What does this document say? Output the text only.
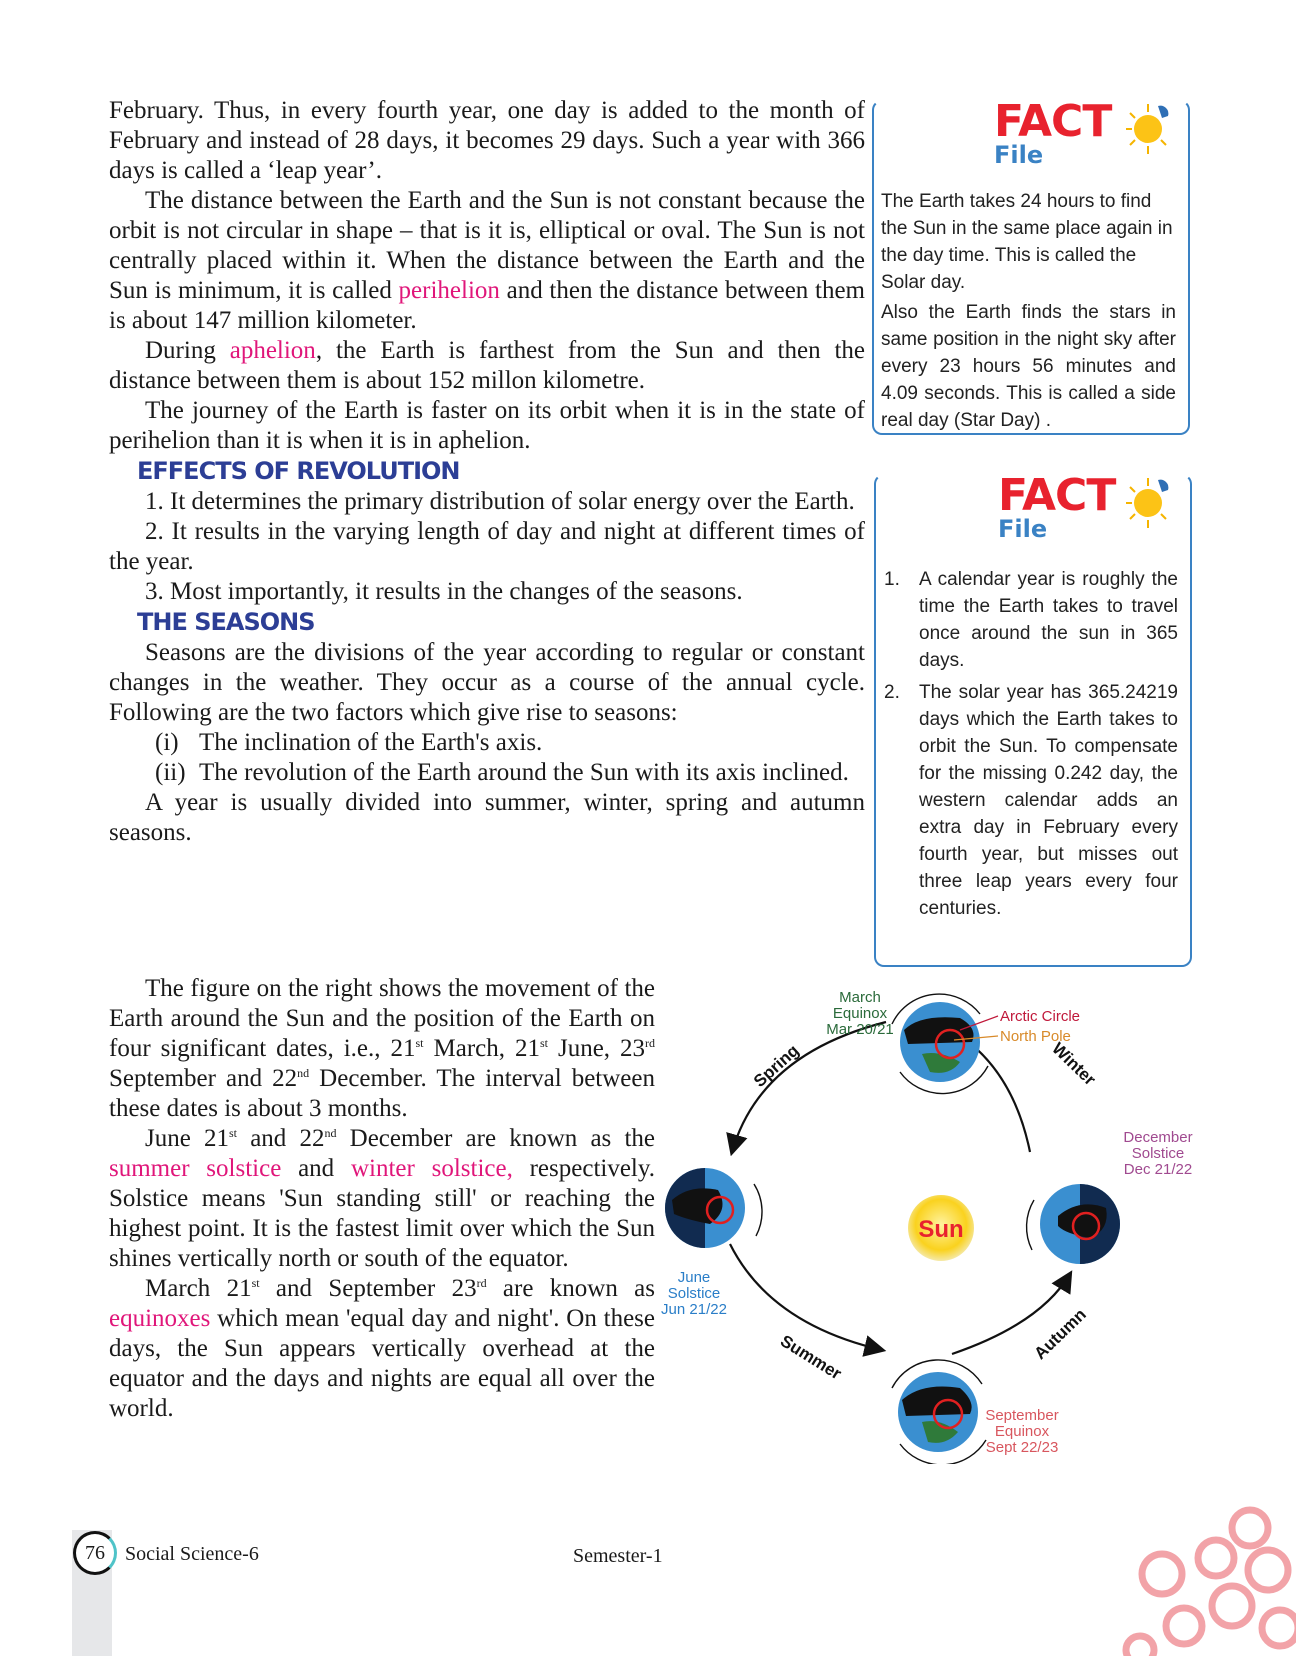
February. Thus, in every fourth year, one day is added to the month of February and instead of 28 days, it becomes 29 days. Such a year with 366 days is called a ‘leap year’.

The distance between the Earth and the Sun is not constant because the orbit is not circular in shape – that is it is, elliptical or oval. The Sun is not centrally placed within it. When the distance between the Earth and the Sun is minimum, it is called perihelion and then the distance between them is about 147 million kilometer.

During aphelion, the Earth is farthest from the Sun and then the distance between them is about 152 millon kilometre.

The journey of the Earth is faster on its orbit when it is in the state of perihelion than it is when it is in aphelion.

EFFECTS OF REVOLUTION

1. It determines the primary distribution of solar energy over the Earth.

2. It results in the varying length of day and night at different times of the year.

3. Most importantly, it results in the changes of the seasons.

THE SEASONS

Seasons are the divisions of the year according to regular or constant changes in the weather. They occur as a course of the annual cycle. Following are the two factors which give rise to seasons:

(i) The inclination of the Earth's axis.
(ii) The revolution of the Earth around the Sun with its axis inclined.

A year is usually divided into summer, winter, spring and autumn seasons.

The figure on the right shows the movement of the Earth around the Sun and the position of the Earth on four significant dates, i.e., 21st March, 21st June, 23rd September and 22nd December. The interval between these dates is about 3 months.

June 21st and 22nd December are known as the summer solstice and winter solstice, respectively. Solstice means 'Sun standing still' or reaching the highest point. It is the fastest limit over which the Sun shines vertically north or south of the equator.

March 21st and September 23rd are known as equinoxes which mean 'equal day and night'. On these days, the Sun appears vertically overhead at the equator and the days and nights are equal all over the world.

FACT
File

The Earth takes 24 hours to find the Sun in the same place again in the day time. This is called the Solar day.

Also the Earth finds the stars in same position in the night sky after every 23 hours 56 minutes and 4.09 seconds. This is called a side real day (Star Day) .

FACT
File
1. A calendar year is roughly the time the Earth takes to travel once around the sun in 365 days.
2. The solar year has 365.24219 days which the Earth takes to orbit the Sun. To compensate for the missing 0.242 day, the western calendar adds an extra day in February every fourth year, but misses out three leap years every four centuries.
Sun
March
Equinox
Mar 20/21
Arctic Circle
North Pole
December
Solstice
Dec 21/22
June
Solstice
Jun 21/22
September
Equinox
Sept 22/23
Spring	Winter
Summer	Autumn
76	Social Science-6	Semester-1
